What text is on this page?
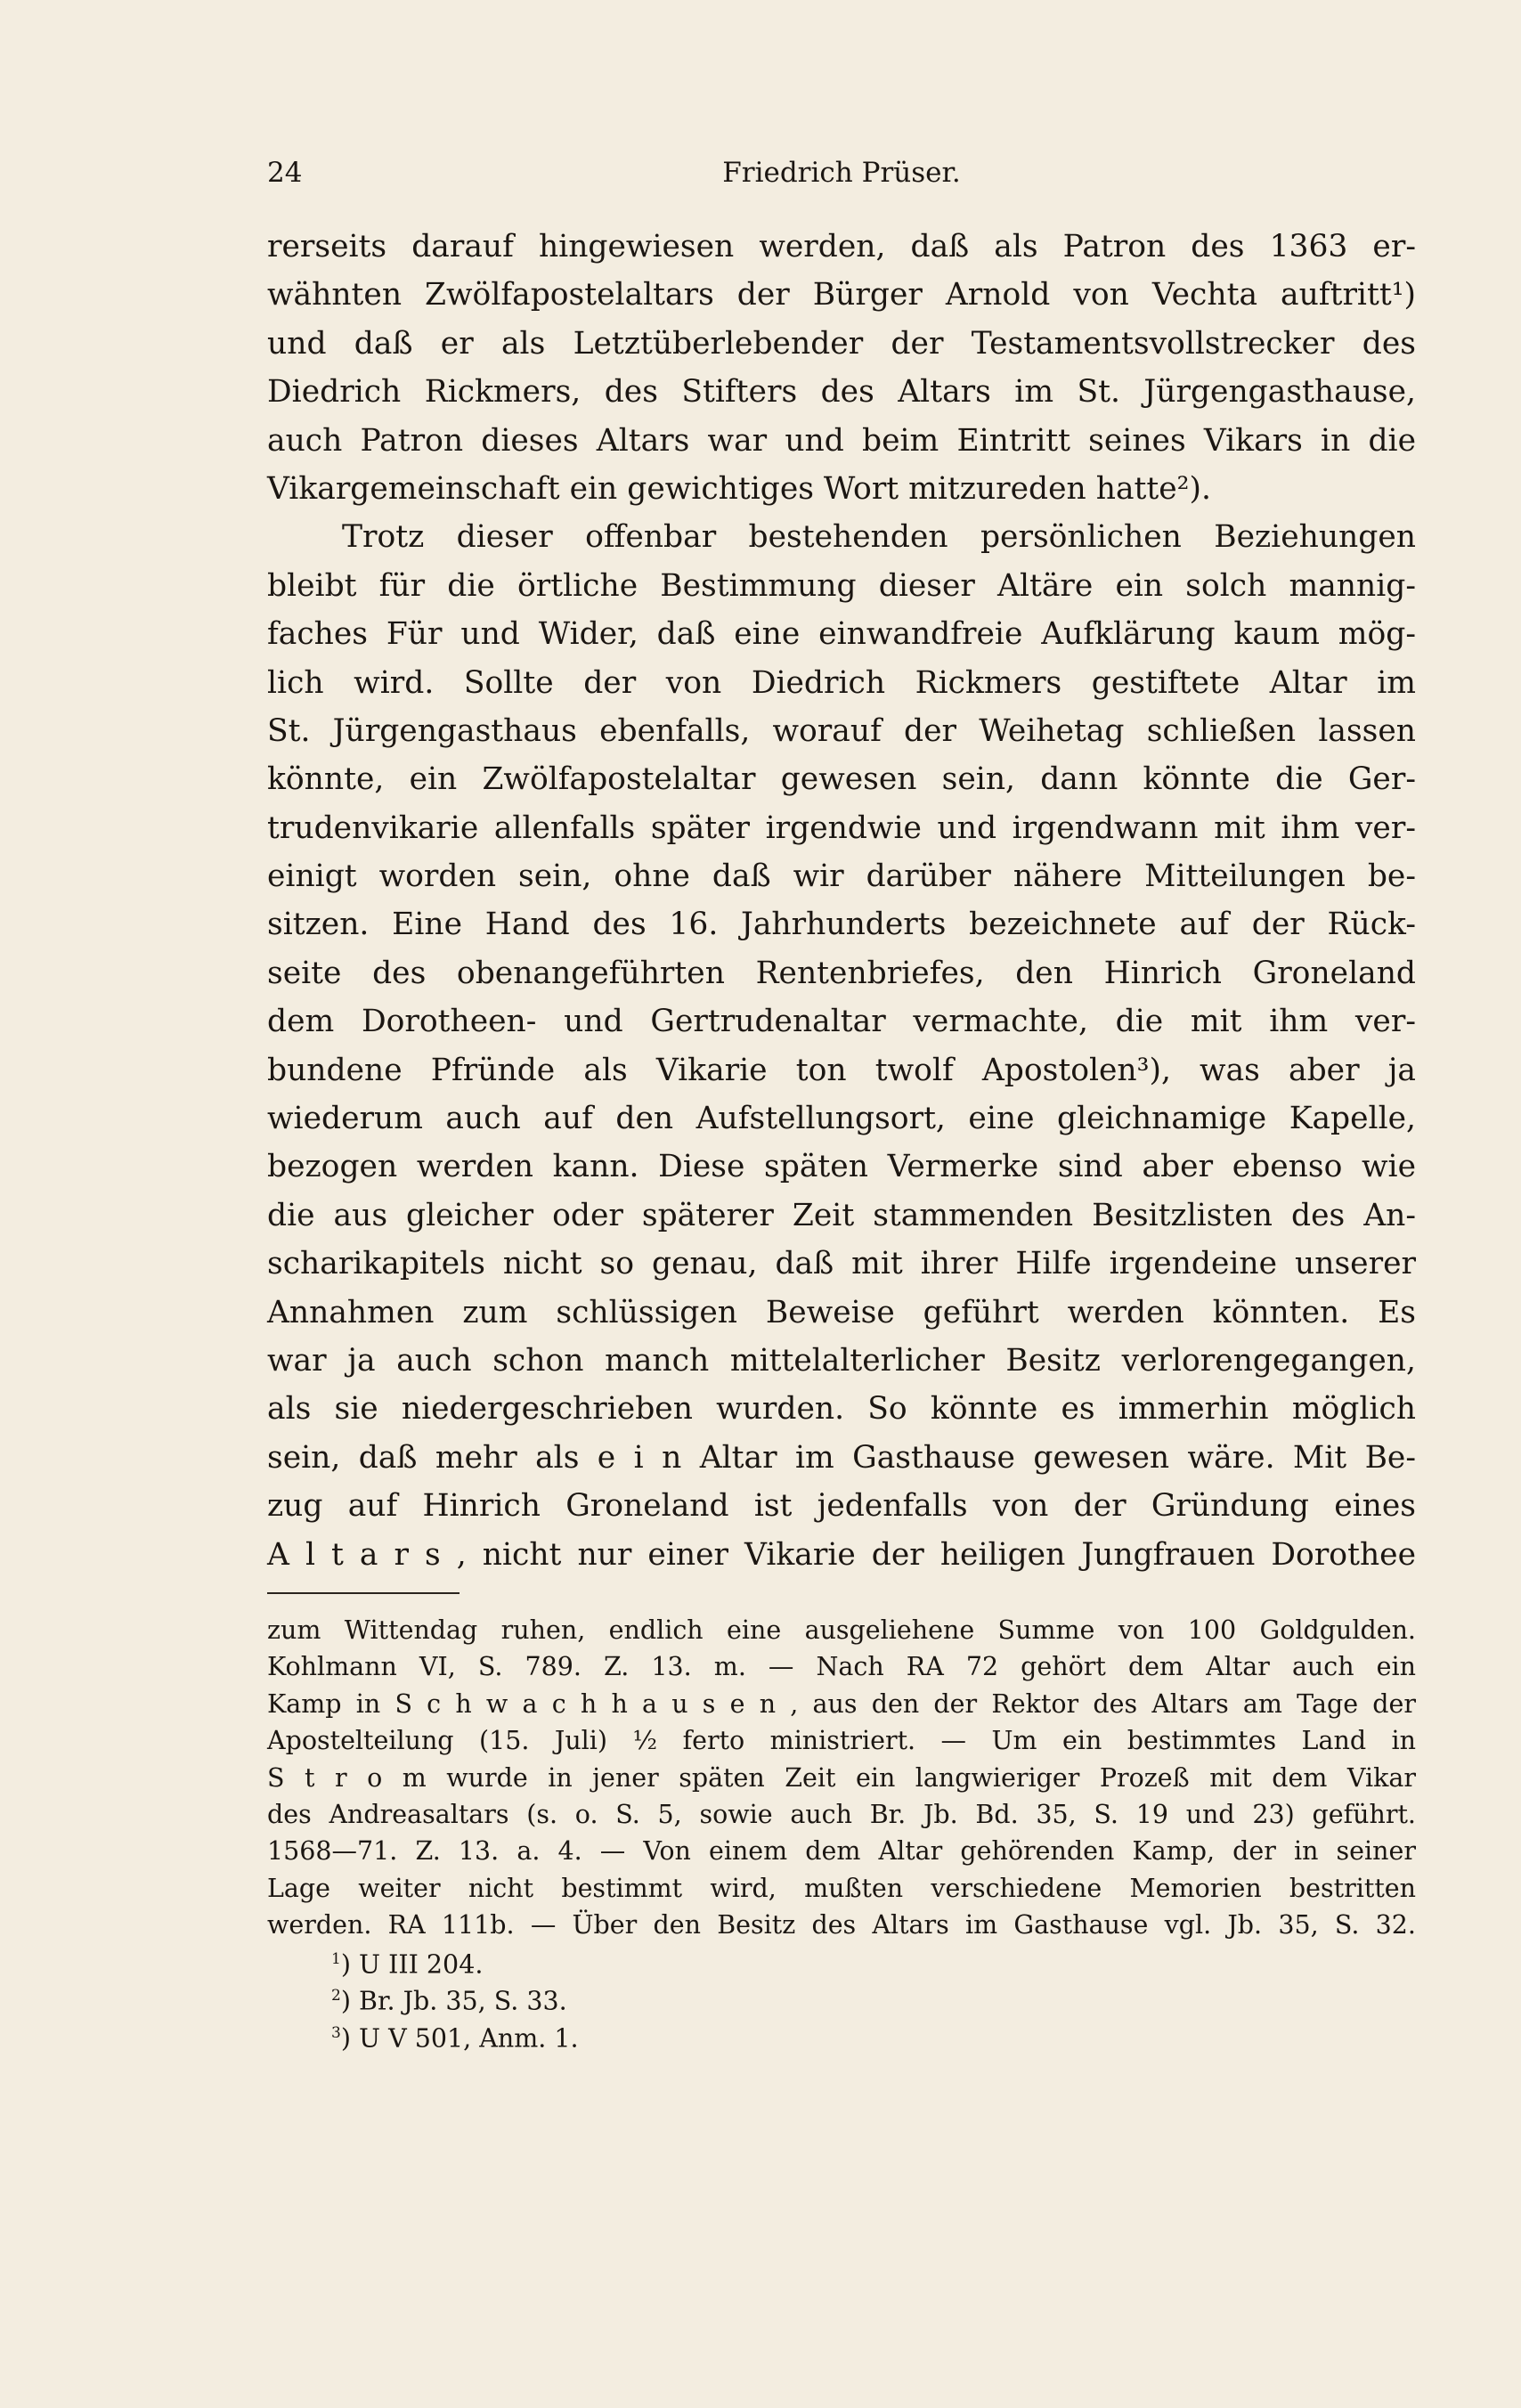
24	Friedrich Prüser.
rerseits darauf hingewiesen werden, daß als Patron des 1363 er-
wähnten Zwölfapostelaltars der Bürger Arnold von Vechta auftritt¹)
und daß er als Letztüberlebender der Testamentsvollstrecker des
Diedrich Rickmers, des Stifters des Altars im St. Jürgengasthause,
auch Patron dieses Altars war und beim Eintritt seines Vikars in die
Vikargemeinschaft ein gewichtiges Wort mitzureden hatte²).
Trotz dieser offenbar bestehenden persönlichen Beziehungen
bleibt für die örtliche Bestimmung dieser Altäre ein solch mannig-
faches Für und Wider, daß eine einwandfreie Aufklärung kaum mög-
lich wird. Sollte der von Diedrich Rickmers gestiftete Altar im
St. Jürgengasthaus ebenfalls, worauf der Weihetag schließen lassen
könnte, ein Zwölfapostelaltar gewesen sein, dann könnte die Ger-
trudenvikarie allenfalls später irgendwie und irgendwann mit ihm ver-
einigt worden sein, ohne daß wir darüber nähere Mitteilungen be-
sitzen. Eine Hand des 16. Jahrhunderts bezeichnete auf der Rück-
seite des obenangeführten Rentenbriefes, den Hinrich Groneland
dem Dorotheen- und Gertrudenaltar vermachte, die mit ihm ver-
bundene Pfründe als Vikarie ton twolf Apostolen³), was aber ja
wiederum auch auf den Aufstellungsort, eine gleichnamige Kapelle,
bezogen werden kann. Diese späten Vermerke sind aber ebenso wie
die aus gleicher oder späterer Zeit stammenden Besitzlisten des An-
scharikapitels nicht so genau, daß mit ihrer Hilfe irgendeine unserer
Annahmen zum schlüssigen Beweise geführt werden könnten. Es
war ja auch schon manch mittelalterlicher Besitz verlorengegangen,
als sie niedergeschrieben wurden. So könnte es immerhin möglich
sein, daß mehr als e i n Altar im Gasthause gewesen wäre. Mit Be-
zug auf Hinrich Groneland ist jedenfalls von der Gründung eines
A l t a r s , nicht nur einer Vikarie der heiligen Jungfrauen Dorothee
zum Wittendag ruhen, endlich eine ausgeliehene Summe von 100 Goldgulden.
Kohlmann VI, S. 789. Z. 13. m. — Nach RA 72 gehört dem Altar auch ein
Kamp in S c h w a c h h a u s e n , aus den der Rektor des Altars am Tage der
Apostelteilung (15. Juli) ½ ferto ministriert. — Um ein bestimmtes Land in
S t r o m wurde in jener späten Zeit ein langwieriger Prozeß mit dem Vikar
des Andreasaltars (s. o. S. 5, sowie auch Br. Jb. Bd. 35, S. 19 und 23) geführt.
1568—71. Z. 13. a. 4. — Von einem dem Altar gehörenden Kamp, der in seiner
Lage weiter nicht bestimmt wird, mußten verschiedene Memorien bestritten
werden. RA 111b. — Über den Besitz des Altars im Gasthause vgl. Jb. 35, S. 32.
$^1$) U III 204.
$^2$) Br. Jb. 35, S. 33.
$^3$) U V 501, Anm. 1.
